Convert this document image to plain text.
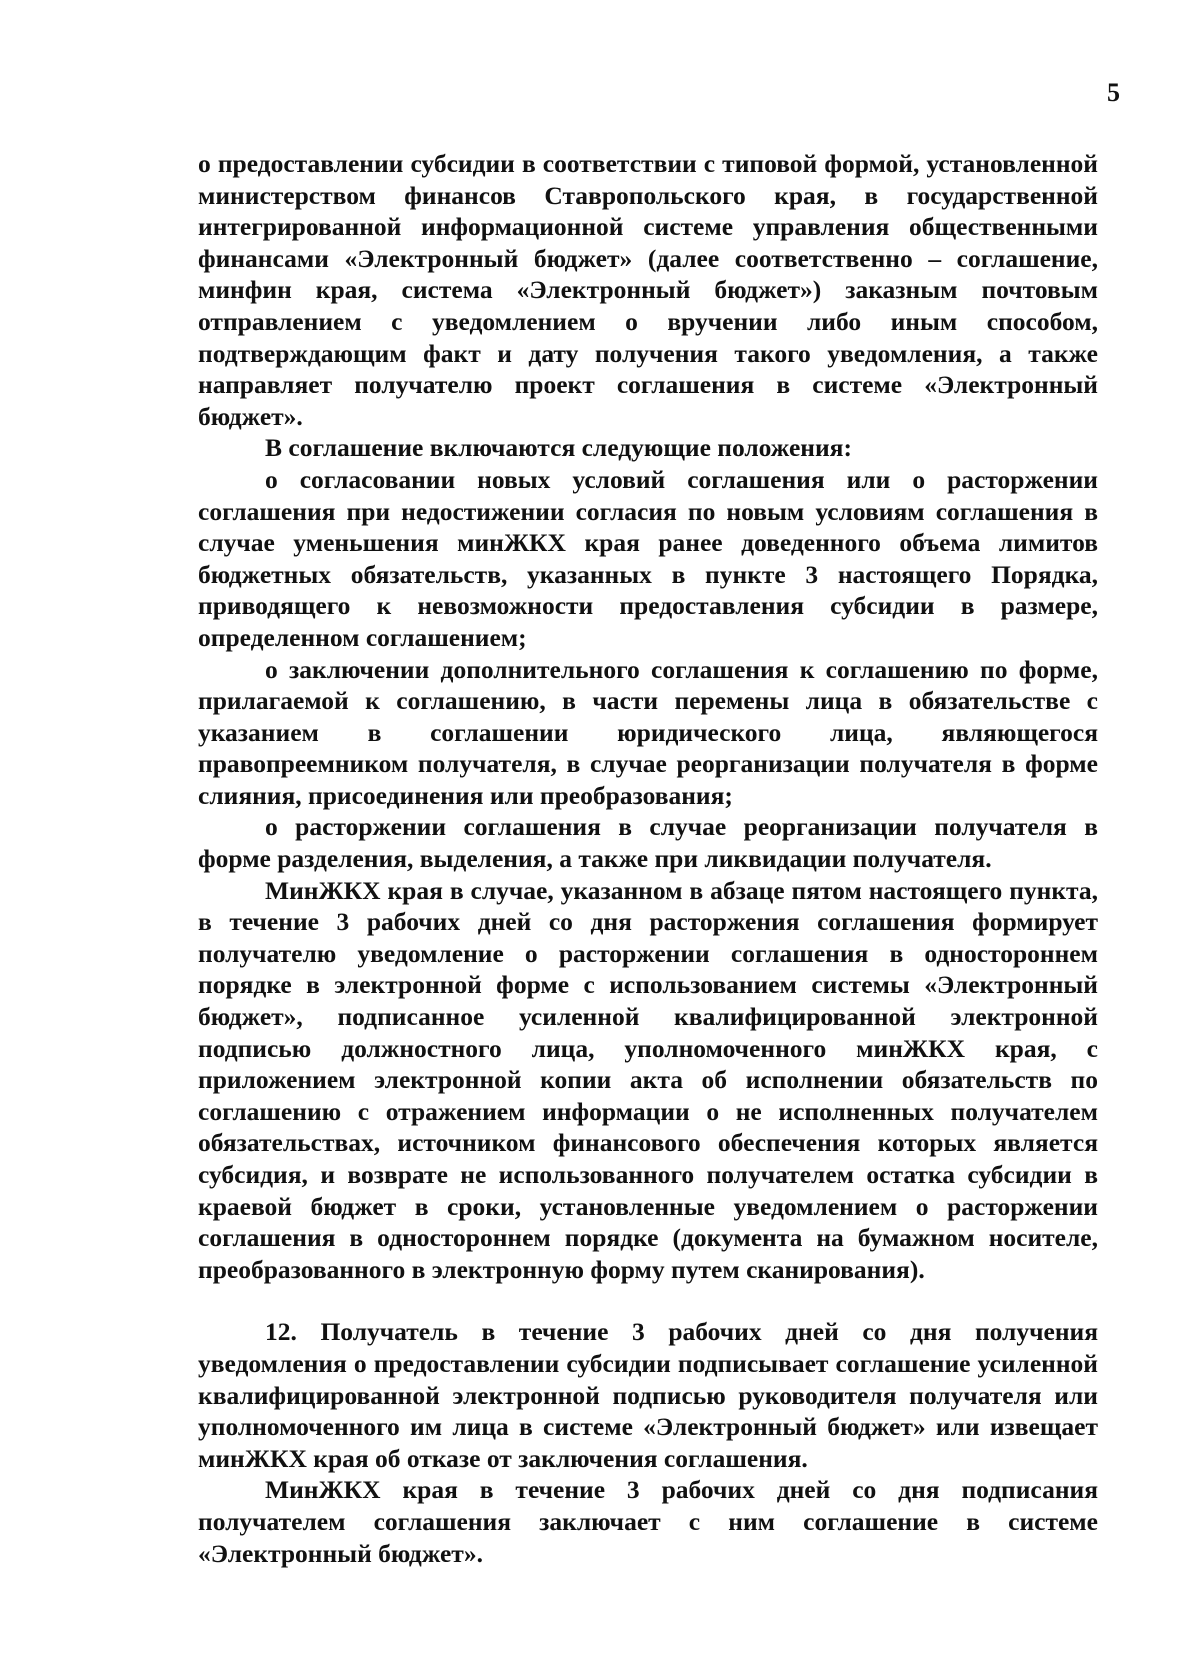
5

о предоставлении субсидии в соответствии с типовой формой, установленной министерством финансов Ставропольского края, в государственной интегрированной информационной системе управления общественными финансами «Электронный бюджет» (далее соответственно – соглашение, минфин края, система «Электронный бюджет») заказным почтовым отправлением с уведомлением о вручении либо иным способом, подтверждающим факт и дату получения такого уведомления, а также направляет получателю проект соглашения в системе «Электронный бюджет».

В соглашение включаются следующие положения:

о согласовании новых условий соглашения или о расторжении соглашения при недостижении согласия по новым условиям соглашения в случае уменьшения минЖКХ края ранее доведенного объема лимитов бюджетных обязательств, указанных в пункте 3 настоящего Порядка, приводящего к невозможности предоставления субсидии в размере, определенном соглашением;

о заключении дополнительного соглашения к соглашению по форме, прилагаемой к соглашению, в части перемены лица в обязательстве с указанием в соглашении юридического лица, являющегося правопреемником получателя, в случае реорганизации получателя в форме слияния, присоединения или преобразования;

о расторжении соглашения в случае реорганизации получателя в форме разделения, выделения, а также при ликвидации получателя.

МинЖКХ края в случае, указанном в абзаце пятом настоящего пункта, в течение 3 рабочих дней со дня расторжения соглашения формирует получателю уведомление о расторжении соглашения в одностороннем порядке в электронной форме с использованием системы «Электронный бюджет», подписанное усиленной квалифицированной электронной подписью должностного лица, уполномоченного минЖКХ края, с приложением электронной копии акта об исполнении обязательств по соглашению с отражением информации о не исполненных получателем обязательствах, источником финансового обеспечения которых является субсидия, и возврате не использованного получателем остатка субсидии в краевой бюджет в сроки, установленные уведомлением о расторжении соглашения в одностороннем порядке (документа на бумажном носителе, преобразованного в электронную форму путем сканирования).

12. Получатель в течение 3 рабочих дней со дня получения уведомления о предоставлении субсидии подписывает соглашение усиленной квалифицированной электронной подписью руководителя получателя или уполномоченного им лица в системе «Электронный бюджет» или извещает минЖКХ края об отказе от заключения соглашения.

МинЖКХ края в течение 3 рабочих дней со дня подписания получателем соглашения заключает с ним соглашение в системе «Электронный бюджет».
